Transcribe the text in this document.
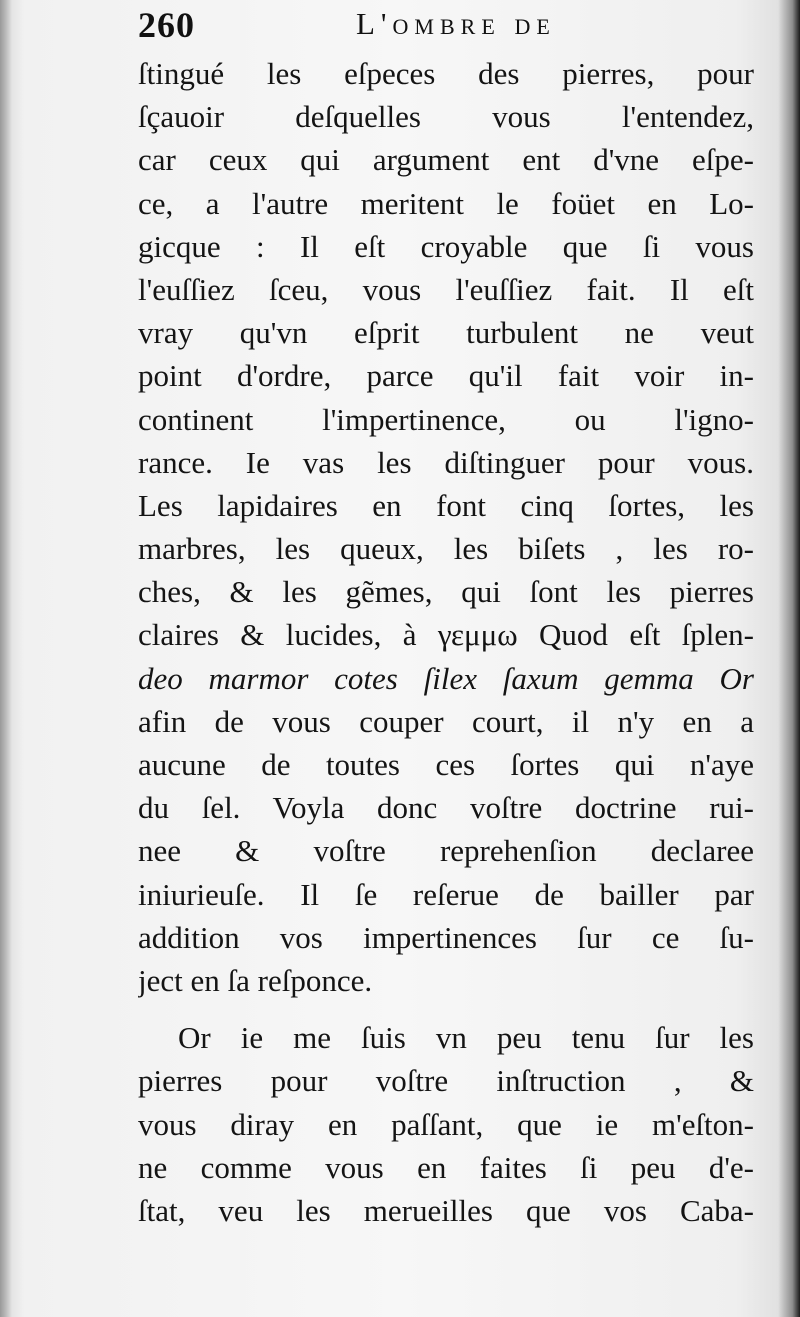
260	L'ombre de
ſtingué les eſpeces des pierres, pour
ſçauoir deſquelles vous l'entendez,
car ceux qui argument ent d'vne eſpe-
ce, a l'autre meritent le foüet en Lo-
gicque : Il eſt croyable que ſi vous
l'euſſiez ſceu, vous l'euſſiez fait. Il eſt
vray qu'vn eſprit turbulent ne veut
point d'ordre, parce qu'il fait voir in-
continent l'impertinence, ou l'igno-
rance. Ie vas les diſtinguer pour vous.
Les lapidaires en font cinq ſortes, les
marbres, les queux, les biſets , les ro-
ches, & les gẽmes, qui ſont les pierres
claires & lucides, à γεμμω Quod eſt ſplen-
deo marmor cotes ſilex ſaxum gemma Or
afin de vous couper court, il n'y en a
aucune de toutes ces ſortes qui n'aye
du ſel. Voyla donc voſtre doctrine rui-
nee & voſtre reprehenſion declaree
iniurieuſe. Il ſe reſerue de bailler par
addition vos impertinences ſur ce ſu-
ject en ſa reſponce.
Or ie me ſuis vn peu tenu ſur les
pierres pour voſtre inſtruction , &
vous diray en paſſant, que ie m'eſton-
ne comme vous en faites ſi peu d'e-
ſtat, veu les merueilles que vos Caba-
